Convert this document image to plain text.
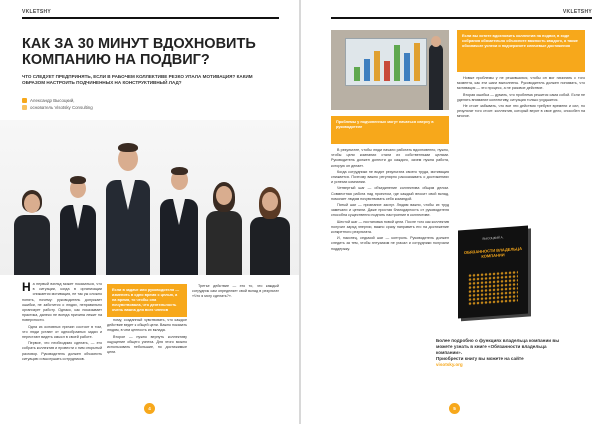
VKLETSHY
КАК ЗА 30 МИНУТ ВДОХНОВИТЬ КОМПАНИЮ НА ПОДВИГ?

ЧТО СЛЕДУЕТ ПРЕДПРИНЯТЬ, ЕСЛИ В РАБОЧЕМ КОЛЛЕКТИВЕ РЕЗКО УПАЛА МОТИВАЦИЯ? КАКИМ ОБРАЗОМ НАСТРОИТЬ ПОДЧИНЕННЫХ НА КОНСТРУКТИВНЫЙ ЛАД?

Александр Высоцкий,
основатель Visotsky Consulting

На первый взгляд может показаться, что в ситуации, когда в организации снижается мотивация, не так уж сложно понять, почему: руководитель допускает ошибки, не заботится о людях, неправильно организует работу. Однако, как показывает практика, далеко не всегда причина лежит на поверхности.

Одна из основных причин состоит в том, что люди устают от однообразных задач и перестают видеть смысл в своей работе.

Первое, что необходимо сделать, — это собрать коллектив и провести с ним открытый разговор. Руководитель должен объяснить ситуацию и выслушать сотрудников.

Если в задаче или руководителя — изменить в одно время с целью, а на время, то чтобы она почувствовала, что деятельность очень важна для всех членов

ному, созданный чувствовать, что каждое действие ведет к общей цели. Важно показать людям, в чем ценность их вклада.

Второе — нужно вернуть коллективу ощущение общего успеха. Для этого можно использовать небольшие, но достижимые цели.

Третье действие — это то, что каждый сотрудник сам определяет свой вклад в результат «Что я могу сделать?».

4
VKLETSHY
Если вы хотите вдохновить коллектив на подвиг, в ходе собрания обязательно объясните важность каждого, а также обозначьте успехи и подчеркните ключевые достижения
Проблемы у подчиненных могут начаться сверху в руководителе

В результате, чтобы люди начали работать вдохновенно, нужно, чтобы цели компании стали их собственными целями. Руководитель должен донести до каждого, зачем нужна работа, которую он делает.

Когда сотрудники не видят результата своего труда, мотивация снижается. Поэтому важно регулярно рассказывать о достижениях и успехах компании.

Четвертый шаг — объединение коллектива общим делом. Совместная работа над проектом, где каждый вносит свой вклад, помогает людям почувствовать себя командой.

Пятый шаг — признание заслуг. Людям важно, чтобы их труд замечали и ценили. Даже простая благодарность от руководителя способна существенно поднять настроение в коллективе.

Шестой шаг — постановка новой цели. После того как коллектив получил заряд энергии, важно сразу направить его на достижение конкретного результата.

И, наконец, седьмой шаг — контроль. Руководитель должен следить за тем, чтобы энтузиазм не угасал и сотрудники получали поддержку.

Новые проблемы у не решившихся, чтобы он мог начинать с того момента, как эти шаги выполнены. Руководитель должен понимать, что мотивация — это процесс, а не разовое действие.

Вторая ошибка — думать, что проблема решится сама собой. Если не уделять внимание коллективу, ситуация только ухудшится.

Не стоит забывать, что все эти действия требуют времени и сил, но результат того стоит: коллектив, который верит в свое дело, способен на многое.

5
ВЫСОЦКИЙ А.
ОБЯЗАННОСТИ ВЛАДЕЛЬЦА КОМПАНИИ
Более подробно о функциях владельца компании вы можете узнать в книге «Обязанности владельца компании».
Приобрести книгу вы можете на сайте
visotsky.org
